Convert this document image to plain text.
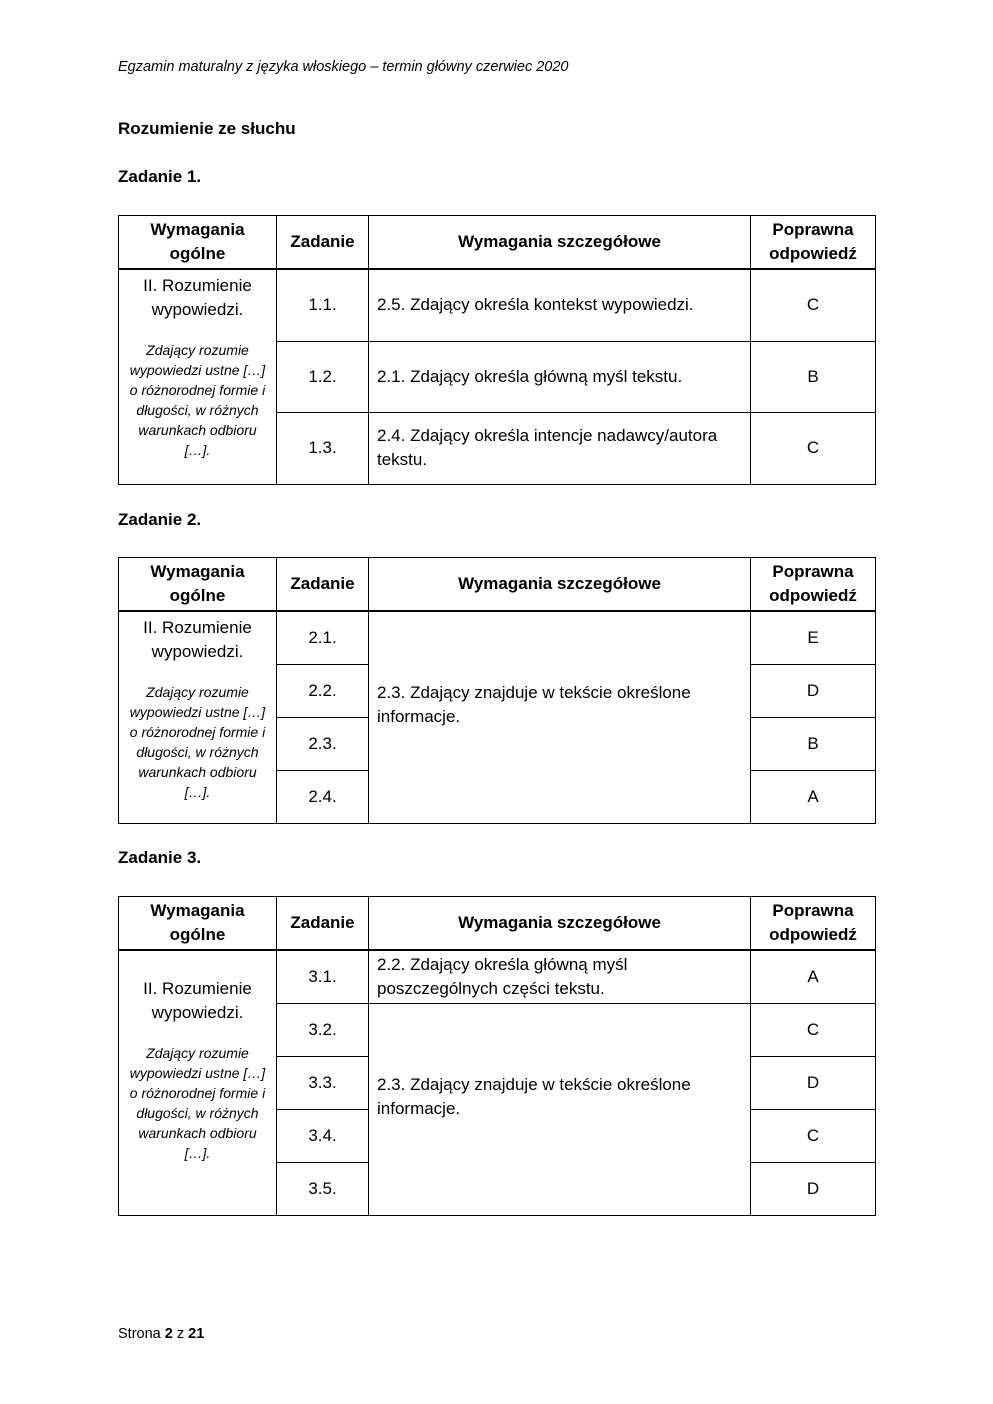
Egzamin maturalny z języka włoskiego – termin główny czerwiec 2020
Rozumienie ze słuchu
Zadanie 1.
Wymagania ogólne	Zadanie	Wymagania szczegółowe	Poprawna odpowiedź

II. Rozumienie wypowiedzi.
Zdający rozumie wypowiedzi ustne […] o różnorodnej formie i długości, w różnych warunkach odbioru […].	1.1.	2.5. Zdający określa kontekst wypowiedzi.	C
	1.2.	2.1. Zdający określa główną myśl tekstu.	B
	1.3.	2.4. Zdający określa intencje nadawcy/autora tekstu.	C
Zadanie 2.
Wymagania ogólne	Zadanie	Wymagania szczegółowe	Poprawna odpowiedź

II. Rozumienie wypowiedzi.
Zdający rozumie wypowiedzi ustne […] o różnorodnej formie i długości, w różnych warunkach odbioru […].	2.1.	2.3. Zdający znajduje w tekście określone informacje.	E
	2.2.		D
	2.3.		B
	2.4.		A
Zadanie 3.
Wymagania ogólne	Zadanie	Wymagania szczegółowe	Poprawna odpowiedź

II. Rozumienie wypowiedzi.
Zdający rozumie wypowiedzi ustne […] o różnorodnej formie i długości, w różnych warunkach odbioru […].	3.1.	2.2. Zdający określa główną myśl poszczególnych części tekstu.	A
	3.2.	2.3. Zdający znajduje w tekście określone informacje.	C
	3.3.		D
	3.4.		C
	3.5.		D
Strona 2 z 21
